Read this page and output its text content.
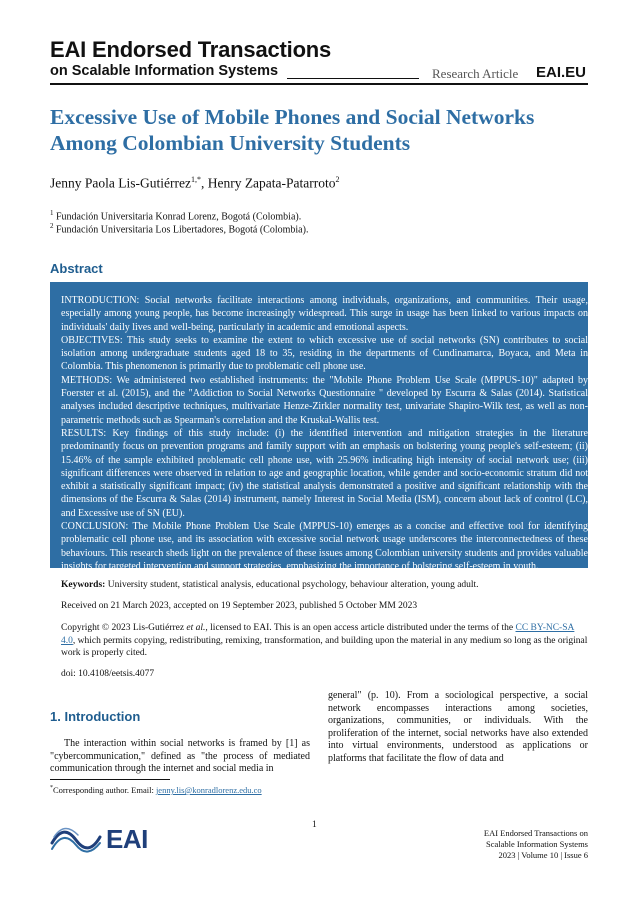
EAI Endorsed Transactions
on Scalable Information Systems	Research Article EAI.EU
Excessive Use of Mobile Phones and Social Networks Among Colombian University Students
Jenny Paola Lis-Gutiérrez$^{1,*}$, Henry Zapata-Patarroto$^2$
$^1$ Fundación Universitaria Konrad Lorenz, Bogotá (Colombia).
$^2$ Fundación Universitaria Los Libertadores, Bogotá (Colombia).
Abstract

INTRODUCTION: Social networks facilitate interactions among individuals, organizations, and communities. Their usage, especially among young people, has become increasingly widespread. This surge in usage has been linked to various impacts on individuals' daily lives and well-being, particularly in academic and emotional aspects.

OBJECTIVES: This study seeks to examine the extent to which excessive use of social networks (SN) contributes to social isolation among undergraduate students aged 18 to 35, residing in the departments of Cundinamarca, Boyaca, and Meta in Colombia. This phenomenon is primarily due to problematic cell phone use.

METHODS: We administered two established instruments: the "Mobile Phone Problem Use Scale (MPPUS-10)" adapted by Foerster et al. (2015), and the "Addiction to Social Networks Questionnaire " developed by Escurra & Salas (2014). Statistical analyses included descriptive techniques, multivariate Henze-Zirkler normality test, univariate Shapiro-Wilk test, as well as non-parametric methods such as Spearman's correlation and the Kruskal-Wallis test.

RESULTS: Key findings of this study include: (i) the identified intervention and mitigation strategies in the literature predominantly focus on prevention programs and family support with an emphasis on bolstering young people's self-esteem; (ii) 15.46% of the sample exhibited problematic cell phone use, with 25.96% indicating high intensity of social network use; (iii) significant differences were observed in relation to age and geographic location, while gender and socio-economic stratum did not exhibit a statistically significant impact; (iv) the statistical analysis demonstrated a positive and significant relationship with the dimensions of the Escurra & Salas (2014) instrument, namely Interest in Social Media (ISM), concern about lack of control (LC), and Excessive use of SN (EU).

CONCLUSION: The Mobile Phone Problem Use Scale (MPPUS-10) emerges as a concise and effective tool for identifying problematic cell phone use, and its association with excessive social network usage underscores the interconnectedness of these behaviours. This research sheds light on the prevalence of these issues among Colombian university students and provides valuable insights for targeted intervention and support strategies, emphasizing the importance of bolstering self-esteem in youth.

Keywords: University student, statistical analysis, educational psychology, behaviour alteration, young adult.
Received on 21 March 2023, accepted on 19 September 2023, published 5 October MM 2023
Copyright © 2023 Lis-Gutiérrez et al., licensed to EAI. This is an open access article distributed under the terms of the CC BY-NC-SA 4.0, which permits copying, redistributing, remixing, transformation, and building upon the material in any medium so long as the original work is properly cited.
doi: 10.4108/eetsis.4077
1. Introduction
The interaction within social networks is framed by [1] as "cybercommunication," defined as "the process of mediated communication through the internet and social media in
general" (p. 10). From a sociological perspective, a social network encompasses interactions among societies, organizations, communities, or individuals. With the proliferation of the internet, social networks have also extended into virtual environments, understood as applications or platforms that facilitate the flow of data and
*Corresponding author. Email: jenny.lis@konradlorenz.edu.co
1
EAI	EAI Endorsed Transactions on
Scalable Information Systems
2023 | Volume 10 | Issue 6
